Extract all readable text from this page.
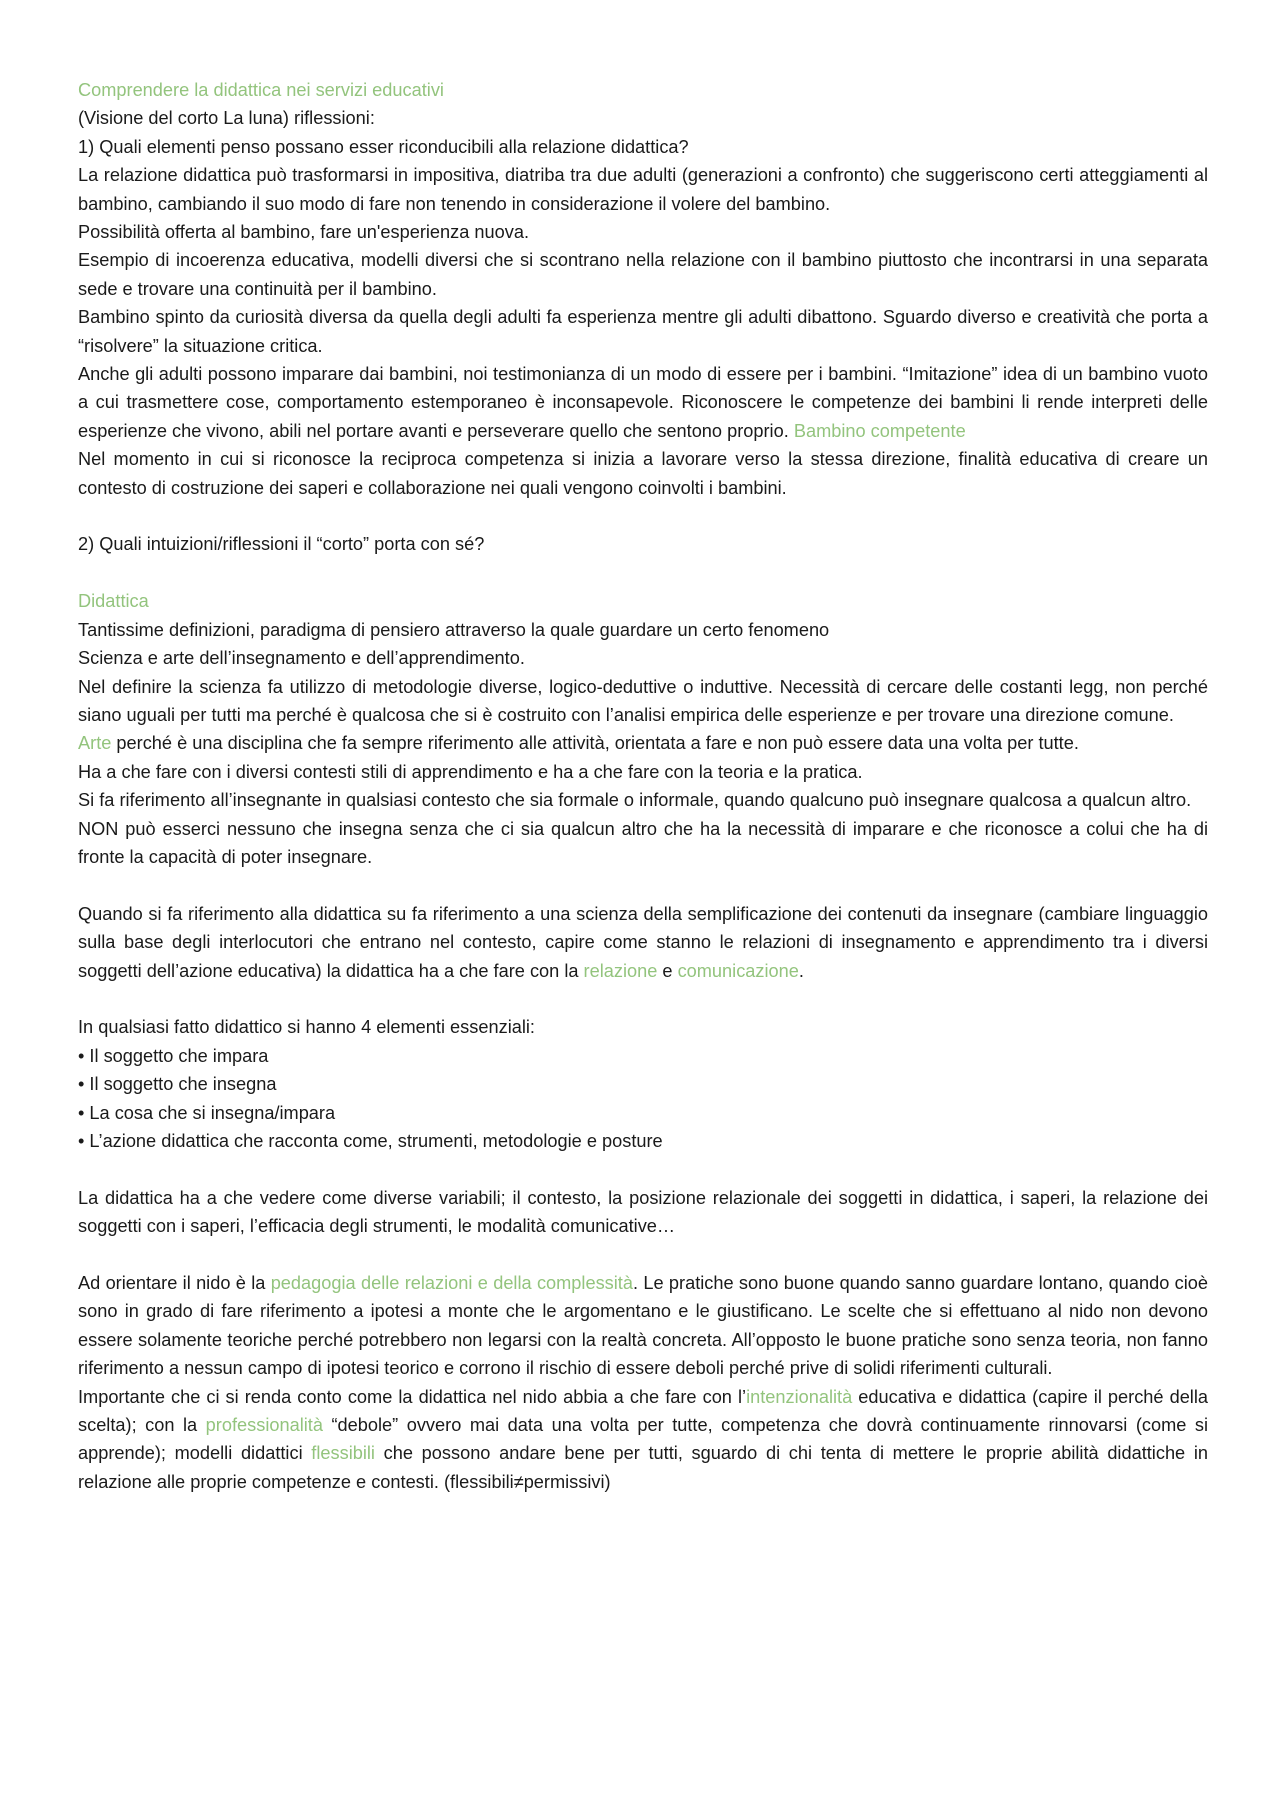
Comprendere la didattica nei servizi educativi

(Visione del corto La luna) riflessioni:

1) Quali elementi penso possano esser riconducibili alla relazione didattica?

La relazione didattica può trasformarsi in impositiva, diatriba tra due adulti (generazioni a confronto) che suggeriscono certi atteggiamenti al bambino, cambiando il suo modo di fare non tenendo in considerazione il volere del bambino.

Possibilità offerta al bambino, fare un'esperienza nuova.

Esempio di incoerenza educativa, modelli diversi che si scontrano nella relazione con il bambino piuttosto che incontrarsi in una separata sede e trovare una continuità per il bambino.

Bambino spinto da curiosità diversa da quella degli adulti fa esperienza mentre gli adulti dibattono. Sguardo diverso e creatività che porta a “risolvere” la situazione critica.

Anche gli adulti possono imparare dai bambini, noi testimonianza di un modo di essere per i bambini. “Imitazione” idea di un bambino vuoto a cui trasmettere cose, comportamento estemporaneo è inconsapevole. Riconoscere le competenze dei bambini li rende interpreti delle esperienze che vivono, abili nel portare avanti e perseverare quello che sentono proprio. Bambino competente

Nel momento in cui si riconosce la reciproca competenza si inizia a lavorare verso la stessa direzione, finalità educativa di creare un contesto di costruzione dei saperi e collaborazione nei quali vengono coinvolti i bambini.

2) Quali intuizioni/riflessioni il “corto” porta con sé?

Didattica

Tantissime definizioni, paradigma di pensiero attraverso la quale guardare un certo fenomeno

Scienza e arte dell’insegnamento e dell’apprendimento.

Nel definire la scienza fa utilizzo di metodologie diverse, logico-deduttive o induttive. Necessità di cercare delle costanti legg, non perché siano uguali per tutti ma perché è qualcosa che si è costruito con l’analisi empirica delle esperienze e per trovare una direzione comune.

Arte perché è una disciplina che fa sempre riferimento alle attività, orientata a fare e non può essere data una volta per tutte.

Ha a che fare con i diversi contesti stili di apprendimento e ha a che fare con la teoria e la pratica.

Si fa riferimento all’insegnante in qualsiasi contesto che sia formale o informale, quando qualcuno può insegnare qualcosa a qualcun altro.

NON può esserci nessuno che insegna senza che ci sia qualcun altro che ha la necessità di imparare e che riconosce a colui che ha di fronte la capacità di poter insegnare.

Quando si fa riferimento alla didattica su fa riferimento a una scienza della semplificazione dei contenuti da insegnare (cambiare linguaggio sulla base degli interlocutori che entrano nel contesto, capire come stanno le relazioni di insegnamento e apprendimento tra i diversi soggetti dell’azione educativa) la didattica ha a che fare con la relazione e comunicazione.

In qualsiasi fatto didattico si hanno 4 elementi essenziali:

• Il soggetto che impara

• Il soggetto che insegna

• La cosa che si insegna/impara

• L’azione didattica che racconta come, strumenti, metodologie e posture

La didattica ha a che vedere come diverse variabili; il contesto, la posizione relazionale dei soggetti in didattica, i saperi, la relazione dei soggetti con i saperi, l’efficacia degli strumenti, le modalità comunicative…

Ad orientare il nido è la pedagogia delle relazioni e della complessità. Le pratiche sono buone quando sanno guardare lontano, quando cioè sono in grado di fare riferimento a ipotesi a monte che le argomentano e le giustificano. Le scelte che si effettuano al nido non devono essere solamente teoriche perché potrebbero non legarsi con la realtà concreta. All’opposto le buone pratiche sono senza teoria, non fanno riferimento a nessun campo di ipotesi teorico e corrono il rischio di essere deboli perché prive di solidi riferimenti culturali.

Importante che ci si renda conto come la didattica nel nido abbia a che fare con l’intenzionalità educativa e didattica (capire il perché della scelta); con la professionalità “debole” ovvero mai data una volta per tutte, competenza che dovrà continuamente rinnovarsi (come si apprende); modelli didattici flessibili che possono andare bene per tutti, sguardo di chi tenta di mettere le proprie abilità didattiche in relazione alle proprie competenze e contesti. (flessibili≠permissivi)
